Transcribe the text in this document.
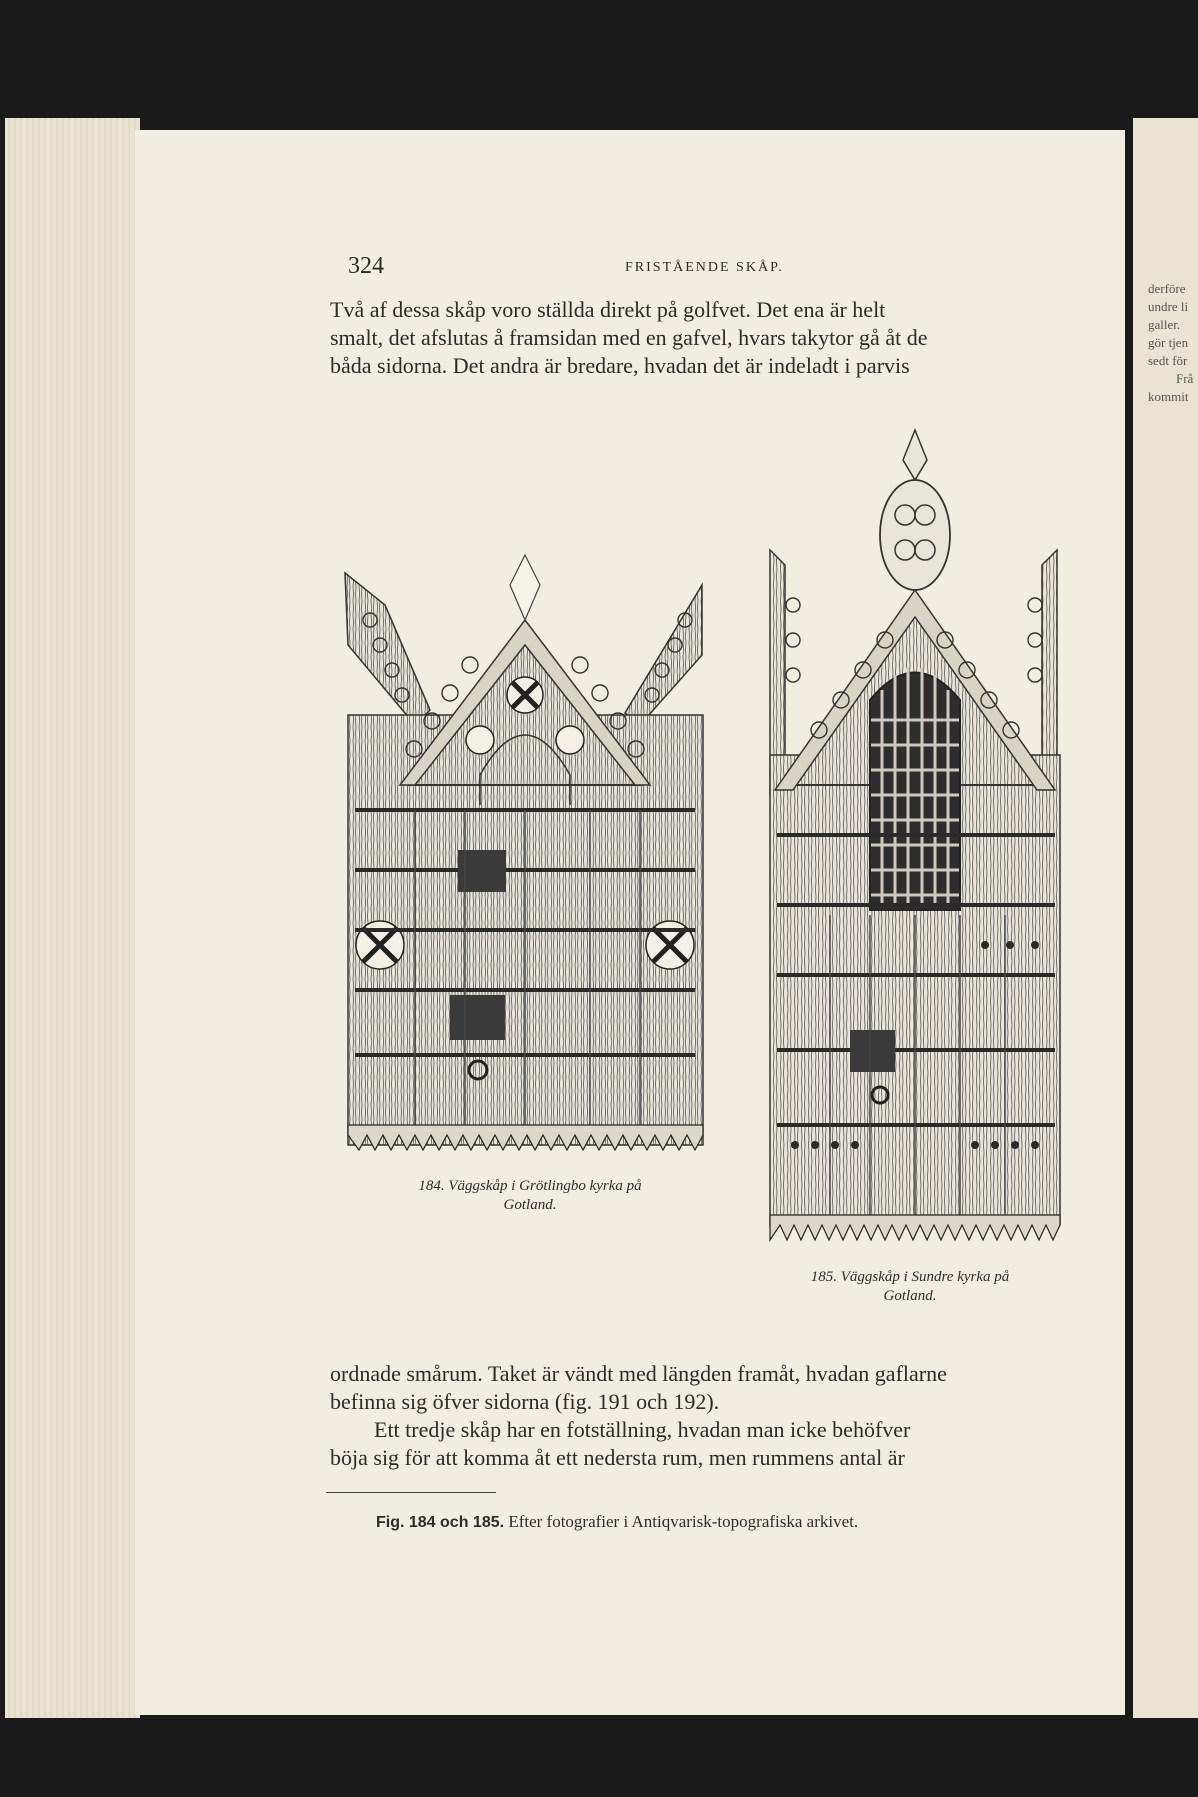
derföre
undre li
galler.
gör tjen
sedt för
Frå
kommit
324	FRISTÅENDE SKÅP.
Två af dessa skåp voro ställda direkt på golfvet. Det ena är helt
smalt, det afslutas å framsidan med en gafvel, hvars takytor gå åt de
båda sidorna. Det andra är bredare, hvadan det är indeladt i parvis
184. Väggskåp i Grötlingbo kyrka på
Gotland.
185. Väggskåp i Sundre kyrka på
Gotland.
ordnade smårum. Taket är vändt med längden framåt, hvadan gaflarne
befinna sig öfver sidorna (fig. 191 och 192).
Ett tredje skåp har en fotställning, hvadan man icke behöfver
böja sig för att komma åt ett nedersta rum, men rummens antal är
Fig. 184 och 185. Efter fotografier i Antiqvarisk-topografiska arkivet.
